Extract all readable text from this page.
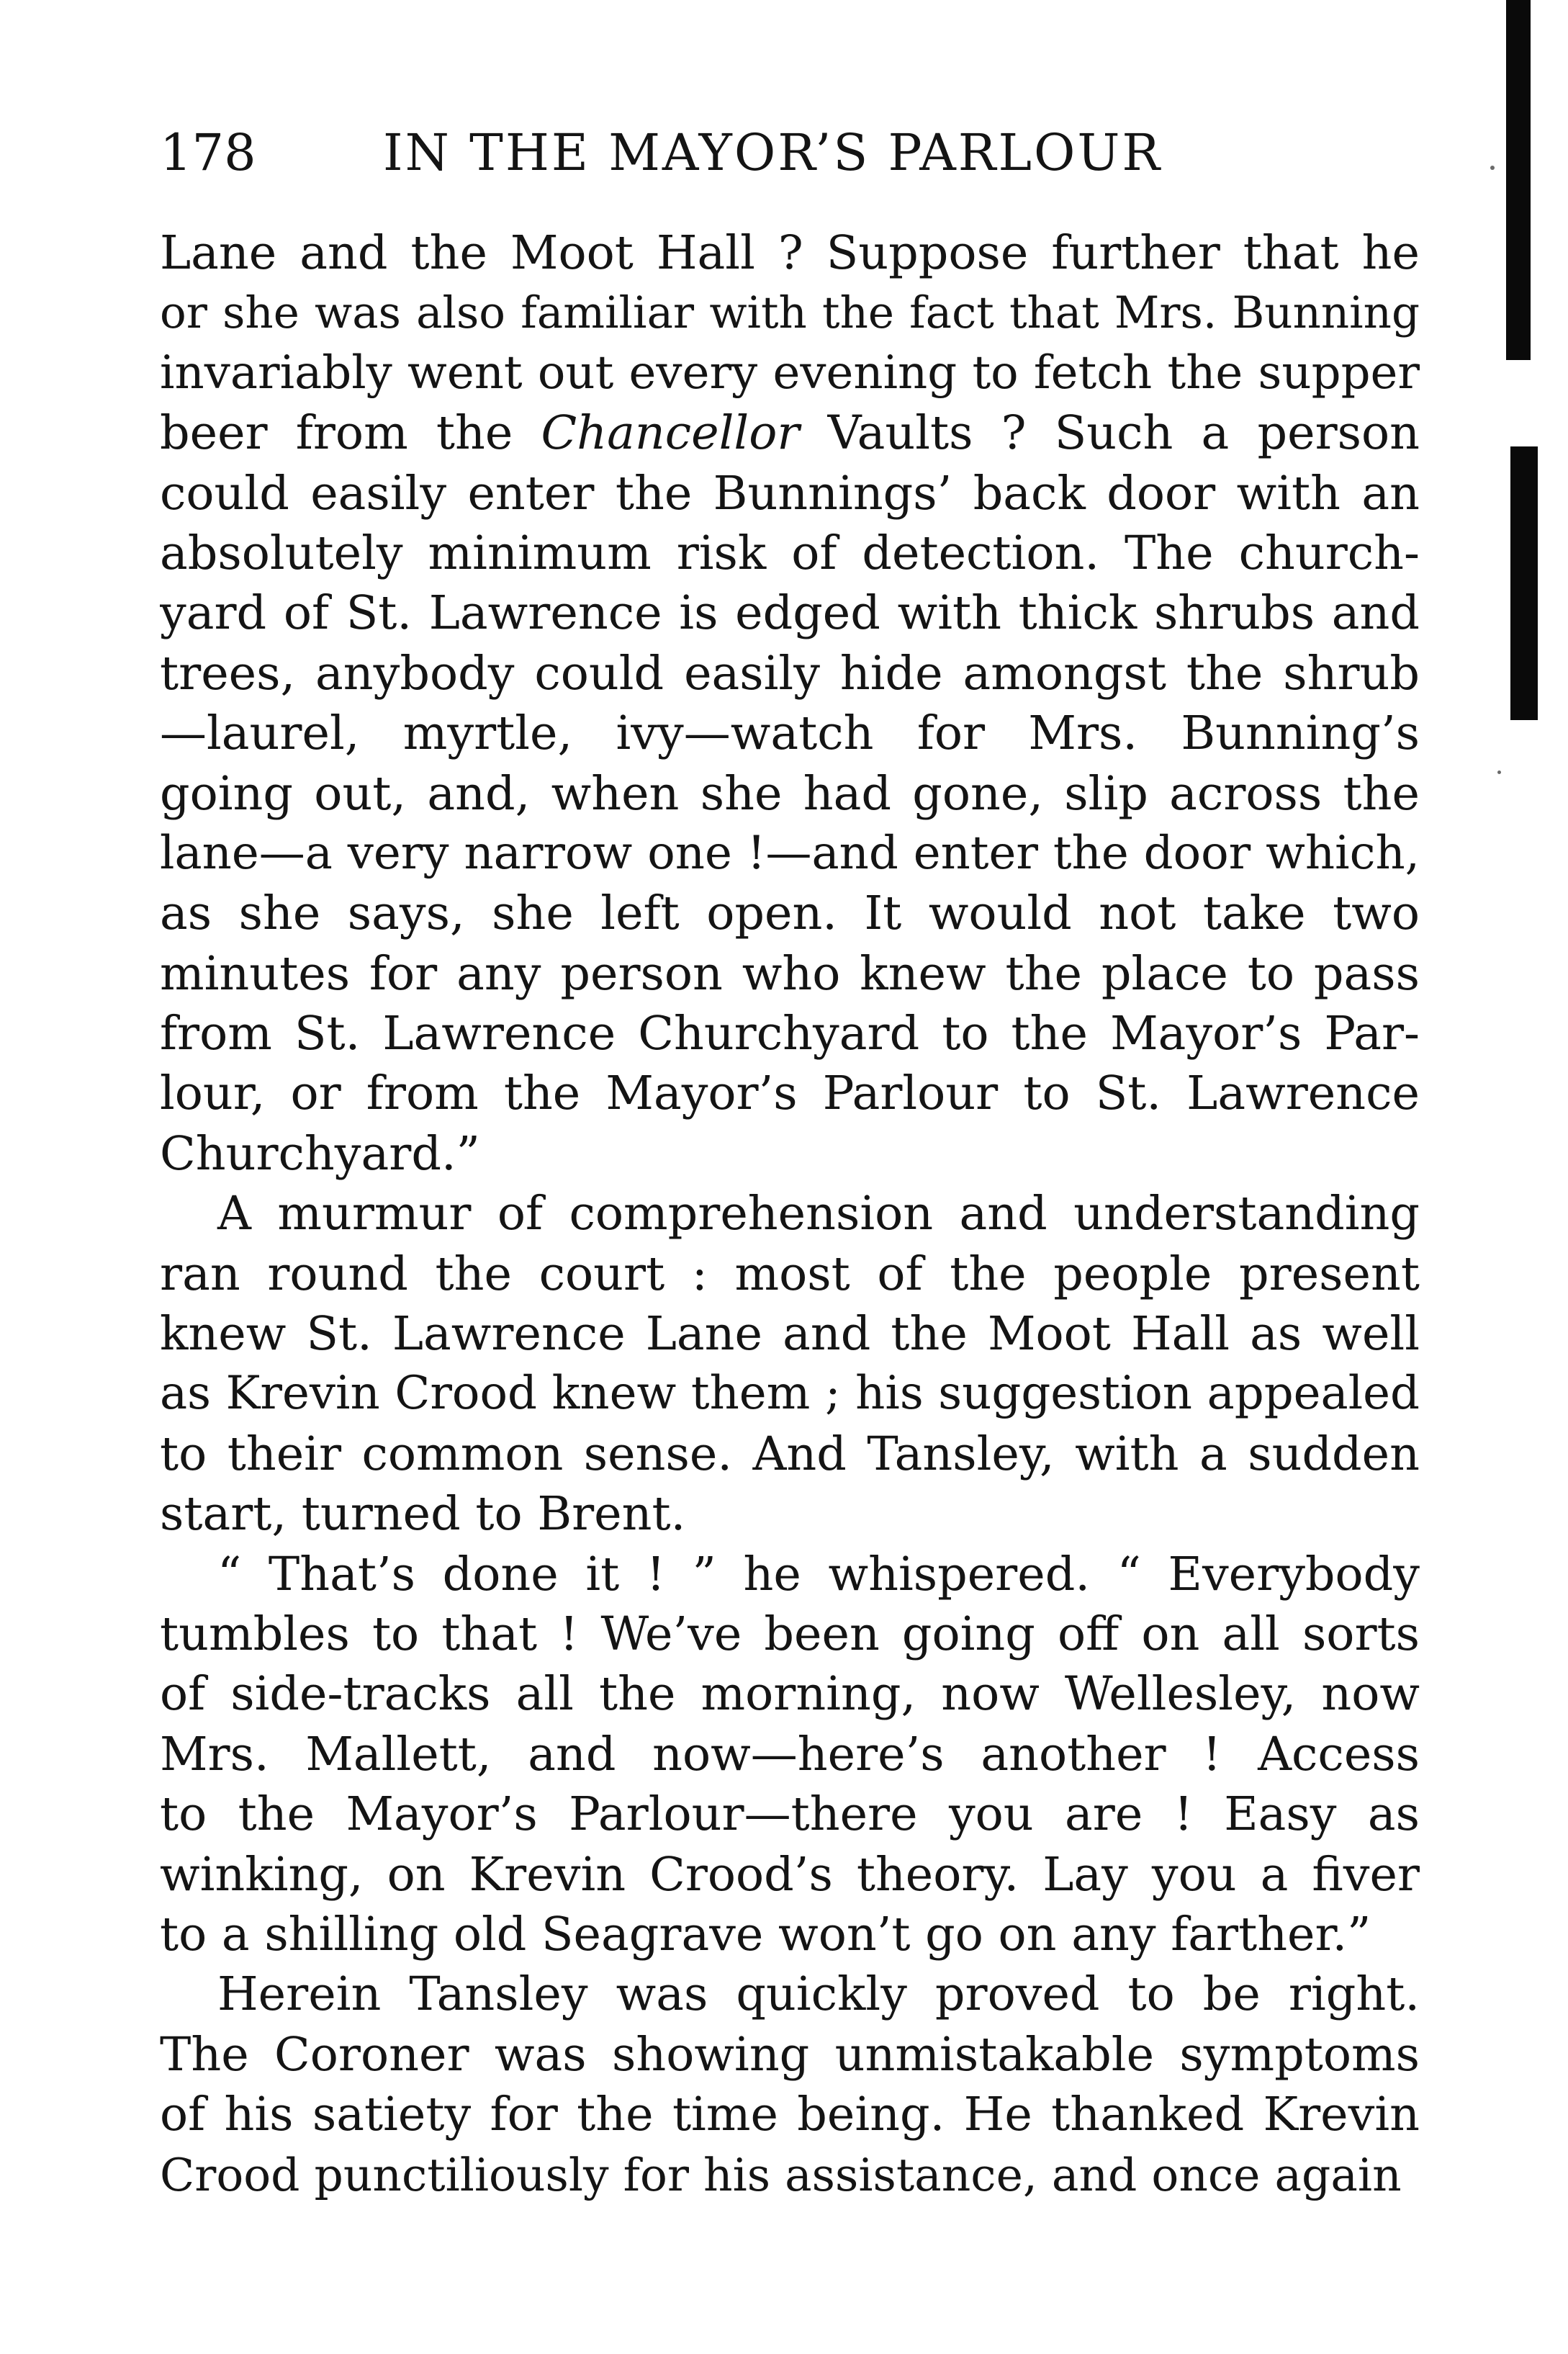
178	IN THE MAYOR’S PARLOUR
Lane and the Moot Hall ? Suppose further that he
or she was also familiar with the fact that Mrs. Bunning
invariably went out every evening to fetch the supper
beer from the Chancellor Vaults ? Such a person
could easily enter the Bunnings’ back door with an
absolutely minimum risk of detection. The church-
yard of St. Lawrence is edged with thick shrubs and
trees, anybody could easily hide amongst the shrub
—laurel, myrtle, ivy—watch for Mrs. Bunning’s
going out, and, when she had gone, slip across the
lane—a very narrow one !—and enter the door which,
as she says, she left open. It would not take two
minutes for any person who knew the place to pass
from St. Lawrence Churchyard to the Mayor’s Par-
lour, or from the Mayor’s Parlour to St. Lawrence
Churchyard.”
A murmur of comprehension and understanding
ran round the court : most of the people present
knew St. Lawrence Lane and the Moot Hall as well
as Krevin Crood knew them ; his suggestion appealed
to their common sense. And Tansley, with a sudden
start, turned to Brent.
“ That’s done it ! ” he whispered. “ Everybody
tumbles to that ! We’ve been going off on all sorts
of side-tracks all the morning, now Wellesley, now
Mrs. Mallett, and now—here’s another ! Access
to the Mayor’s Parlour—there you are ! Easy as
winking, on Krevin Crood’s theory. Lay you a fiver
to a shilling old Seagrave won’t go on any farther.”
Herein Tansley was quickly proved to be right.
The Coroner was showing unmistakable symptoms
of his satiety for the time being. He thanked Krevin
Crood punctiliously for his assistance, and once again
